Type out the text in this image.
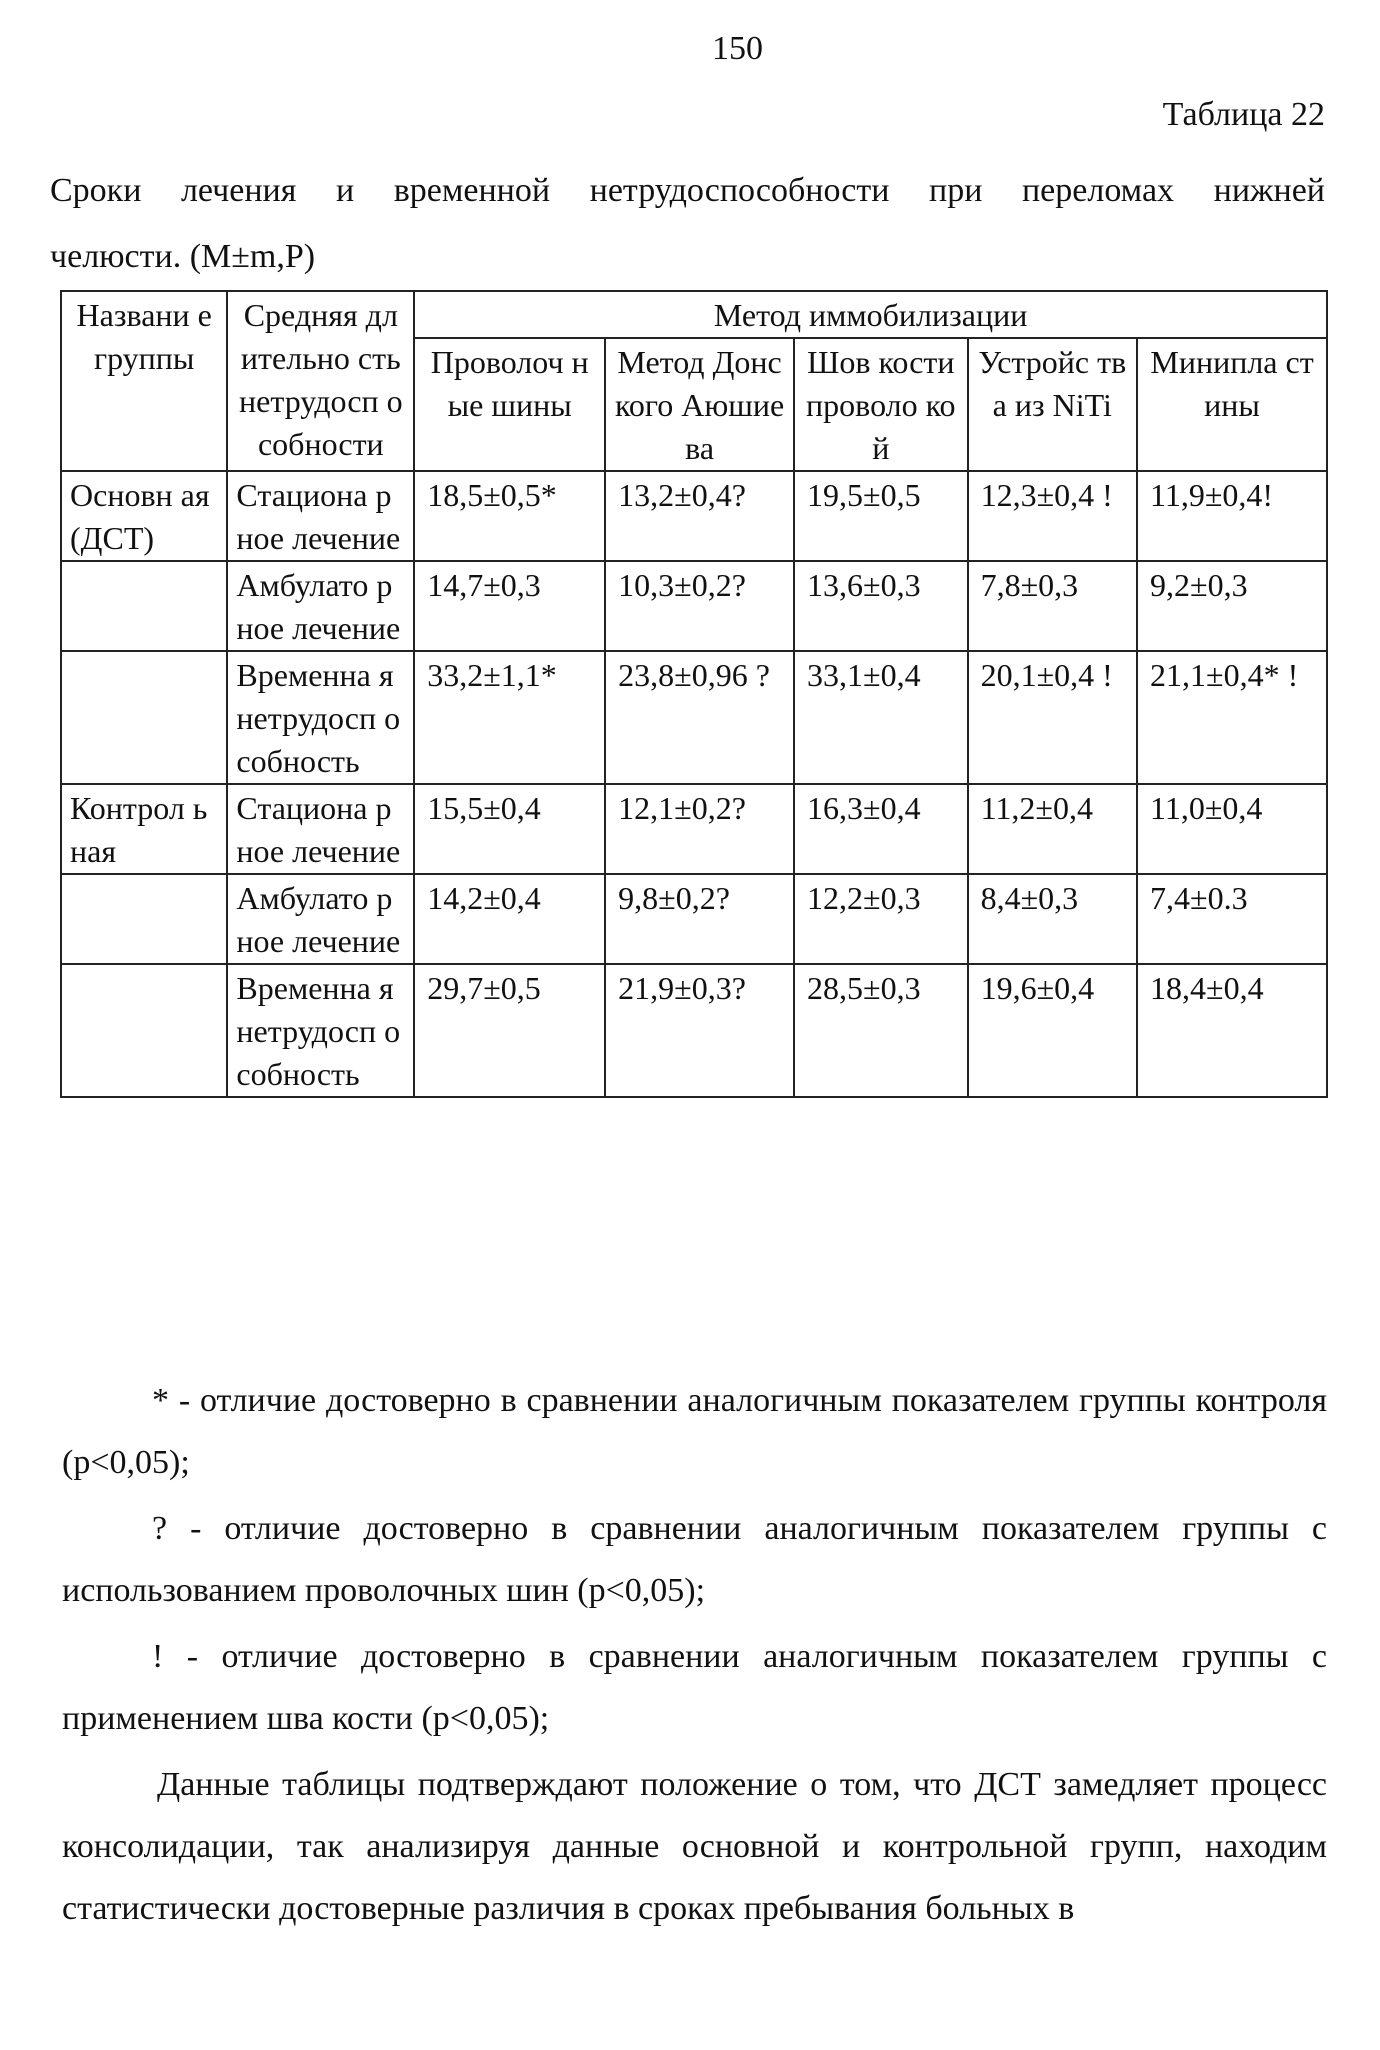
150
Таблица 22
Сроки лечения и временной нетрудоспособности при переломах нижней
челюсти. (M±m,P)
Названи е группы	Средняя длительно сть нетрудосп особности	Метод иммобилизации				
		Проволоч ные шины	Метод Донского Аюшиева	Шов кости проволо кой	Устройс тва из NiTi	Минипла стины
Основн ая (ДСТ)	Стациона рное лечение	18,5±0,5*	13,2±0,4?	19,5±0,5	12,3±0,4 !	11,9±0,4!
	Амбулато рное лечение	14,7±0,3	10,3±0,2?	13,6±0,3	7,8±0,3	9,2±0,3
	Временна я нетрудосп особность	33,2±1,1*	23,8±0,96 ?	33,1±0,4	20,1±0,4 !	21,1±0,4* !
Контрол ьная	Стациона рное лечение	15,5±0,4	12,1±0,2?	16,3±0,4	11,2±0,4	11,0±0,4
	Амбулато рное лечение	14,2±0,4	9,8±0,2?	12,2±0,3	8,4±0,3	7,4±0.3
	Временна я нетрудосп особность	29,7±0,5	21,9±0,3?	28,5±0,3	19,6±0,4	18,4±0,4

* - отличие достоверно в сравнении аналогичным показателем группы контроля (р<0,05);

? - отличие достоверно в сравнении аналогичным показателем группы с использованием проволочных шин (р<0,05);

! - отличие достоверно в сравнении аналогичным показателем группы с применением шва кости (р<0,05);

Данные таблицы подтверждают положение о том, что ДСТ замедляет процесс консолидации, так анализируя данные основной и контрольной групп, находим статистически достоверные различия в сроках пребывания больных в
